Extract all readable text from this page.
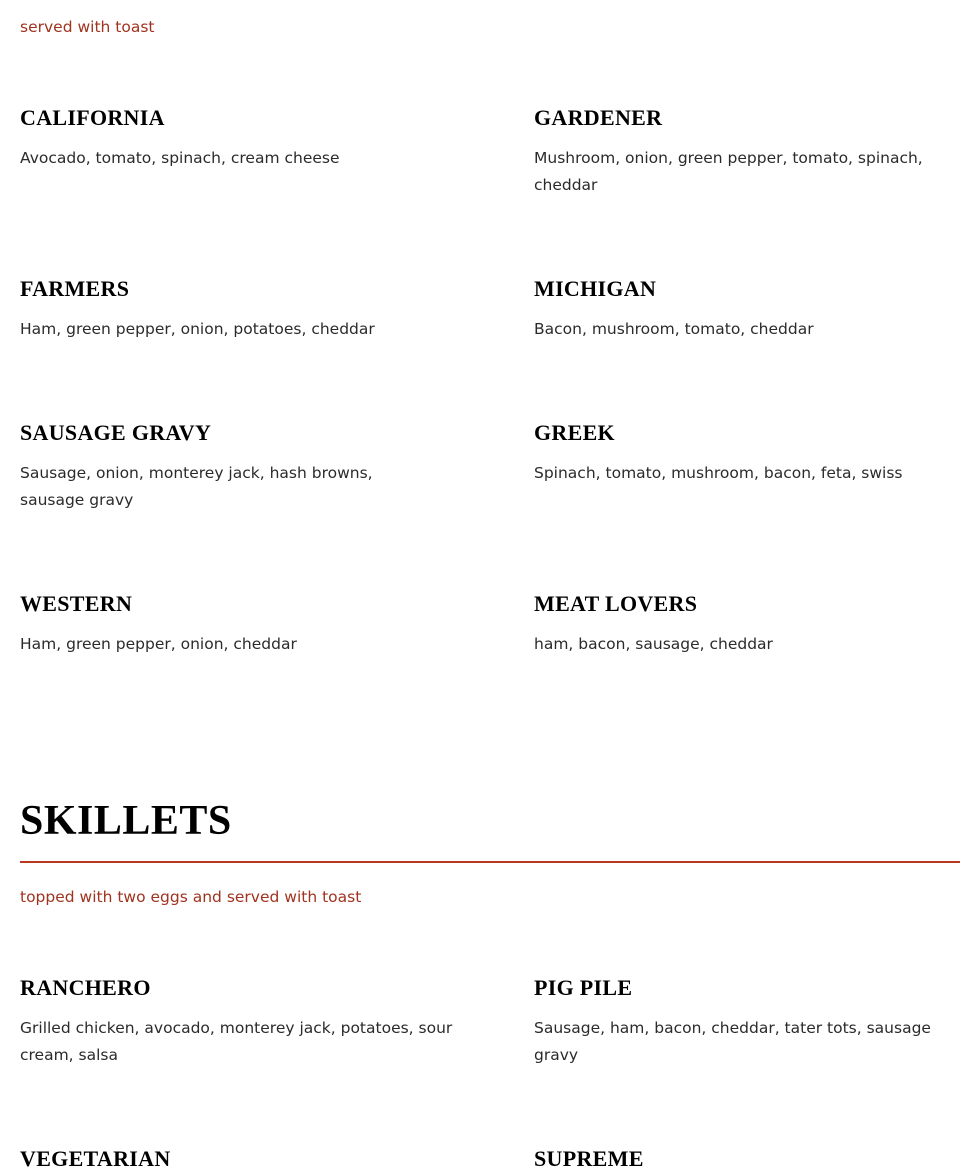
served with toast

CALIFORNIA

Avocado, tomato, spinach, cream cheese

GARDENER

Mushroom, onion, green pepper, tomato, spinach, cheddar

FARMERS

Ham, green pepper, onion, potatoes, cheddar

MICHIGAN

Bacon, mushroom, tomato, cheddar

SAUSAGE GRAVY

Sausage, onion, monterey jack, hash browns, sausage gravy

GREEK

Spinach, tomato, mushroom, bacon, feta, swiss

WESTERN

Ham, green pepper, onion, cheddar

MEAT LOVERS

ham, bacon, sausage, cheddar

SKILLETS

topped with two eggs and served with toast

RANCHERO

Grilled chicken, avocado, monterey jack, potatoes, sour cream, salsa

PIG PILE

Sausage, ham, bacon, cheddar, tater tots, sausage gravy

VEGETARIAN	SUPREME
